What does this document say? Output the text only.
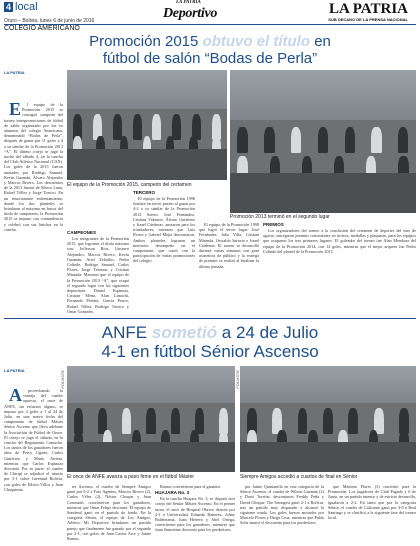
4 local	LA PATRIA
Deportivo	LA PATRIA
SUB DECANO DE LA PRENSA NACIONAL
Oruro – Bolivia, lunes 6 de junio de 2016
COLEGIO AMERICANO
Promoción 2015 obtuvo el título en
fútbol de salón “Bodas de Perla”
LA PATRIA

E l equipo de la Promoción 2015 se consagró campeón del torneo interpromociones de fútbol de salón organizado por los ex alumnos del colegio Americano, denominado “Bodas de Perla”, después de ganar por 11 goles a 4 a su similar de la Promoción 2013 “A”. El último cotejo se jugó la noche del sábado 4, en la cancha del Club Atlético Nacional (CAN). Los goles de la 2015 fueron anotados por Rodrigo Samuel, Kevin Guzmán, Álvaro Alejandro y Marcos Rivero. Los descuentos de la 2013 fueron de Marco Luna, Rafael Téllez y Jorge Torrico. En un emocionante enfrentamiento, donde los dos planteles se brindaron al máximo en busca del título de campeones, la Promoción 2015 se impuso con contundencia y celebró con sus hinchas en la cancha.

El equipo de la Promoción 2015, campeón del certamen
Promoción 2013 terminó en el segundo lugar

CAMPEONES

Los integrantes de la Promoción 2015, que lograron el título máximo son: Jefferson Ríos, Gustavo Alejandro, Marcos Rivero, Kevin Guzmán, Ariel Zeballos, Pedro Colinde, Rodrigo Samuel, Carlos Flores, Jorge Terrazas y Cristian Miranda. Mientras que el equipo de la Promoción 2013 “A”, que ocupó el segundo lugar con los siguientes deportistas: Daniel Espinoza, Cristian Mena, Alan Limachi, Fernando Pereira, García Ponce, Rafael Téllez, Rodrigo Torrico y Omar Gonzales.

TERCERO

El equipo de la Promoción 1998 finalizó en tercer puesto al ganar por 4-2 a su similar de la Promoción 2012 Sorteo. José Fernández, Cristian Vidaurre, Álvaro Gutiérrez y Israel Cárdenas, anotaron para los triunfadores, mientras que Luis Flores y Gabriel Mejía descontaron. Ambos planteles lograron un meritorio desempeño en el campeonato, que contó con la participación de varias promociones del colegio.

El equipo de la Promoción 1998 que logró el tercer lugar: José Fernández, Julio Villa, Cristian Miranda, Oswaldo Saravia e Israel Cárdenas. El torneo se desarrolló durante varias semanas con gran asistencia de público y la entrega de premios se realizó al finalizar la última jornada.

PREMIOS

Los organizadores del torneo a la conclusión del certamen de deportes del mes de agosto, entregaron premios consistentes en trofeos, medallas y plaquetas, para los equipos que ocuparon los tres primeros lugares. El goleador del torneo fue Alan Mendoza del equipo de la Promoción 2014, con 14 goles, mientras que el mejor arquero fue Pedro Colinde del plantel de la Promoción 2015.

ANFE sometió a 24 de Julio
4-1 en fútbol Sénior Ascenso
LA PATRIA

A provechando la ventaja del cuadro opuesto, el once de ANFE, sin esfuerzo alguno, se impuso por 4 goles a 1 al 24 de Julio, en una nueva fecha del campeonato de fútbol Máster Sénior Ascenso que lleva adelante la Asociación de Fútbol de Oruro. El cotejo se jugó el sábado, en la cancha del Regimiento Camacho. Los tantos de los ganadores fueron obra de Percy Ugarte, Carlos Gutiérrez y Mario Arrieta, mientras que Carlos Espinoza descontó. Por su parte, el cuadro de Chiripí se adjudicó el triunfo por 3-1 sobre Juventud Bolivia, con goles de Edwin Villca y Juan Chuquimia.

FOLHATE
El once de ANFE avanza a paso firme en el fútbol Máster
FOLHATE
Siempre Amigos accedió a cuartos de final en Sénior

ter Ascenso, el cuadro de Siempre Amigos ganó por 6-2 a Foto Agentes, Marcos Rivero (2), Carlos Vélez (2), Néstor Choque y Juan Coronado, convirtieron para los ganadores, mientras que Omar Felipe descontó. El equipo de Sonderal ganó en el partido de fondo. En la categoría Sénior, el equipo de Los Amigos, Atlético Mi Deportivo brindaron un partido parejo que finalmente fue ganado por el segundo por 2-1, con goles de Juan Carlos Arce y Jaime Ramos.

Ramos convirtieron para el ganador.

HUAJARA No. 3

En la cancha Huajara No. 3, se disputó otro cotejo del Sénior Máster Ascenso. En el primer turno, el once de Hospital Obrero derrotó por 4-1 a Universidad, Eduardo Ramírez, Johny Balderrama, Juan Herrera y Abel Ortega, convirtieron para los ganadores, mientras que Juan Sarmiento descontó para los perdedores.

por Jaime Quintanilla en esta categoría de la Sénior Ascenso, el cuadro de Wilson Guzmán (2) y Doris Turrión, descontaron Freddy Peña y David Choque. The Strongest ganó 2-1 a Bolívar, tras un partido muy disputado y alcanzó la siguiente ronda. Los goles fueron anotados por Marcelo Flores y Diego Cruz, mientras que Pablo Soliz marcó el descuento para los perdedores.

que Máximo Flores (3) convirtió para la Promoción. Los jugadores de Club Pagado y 6 de Junio, en un partido intenso y de estricto desarrollo, igualaron a 2-2. En tanto que por la categoría Sénior, el cuadro de Calicanto ganó por 3-0 a Real Santiago y se clasificó a la siguiente fase del torneo local.
